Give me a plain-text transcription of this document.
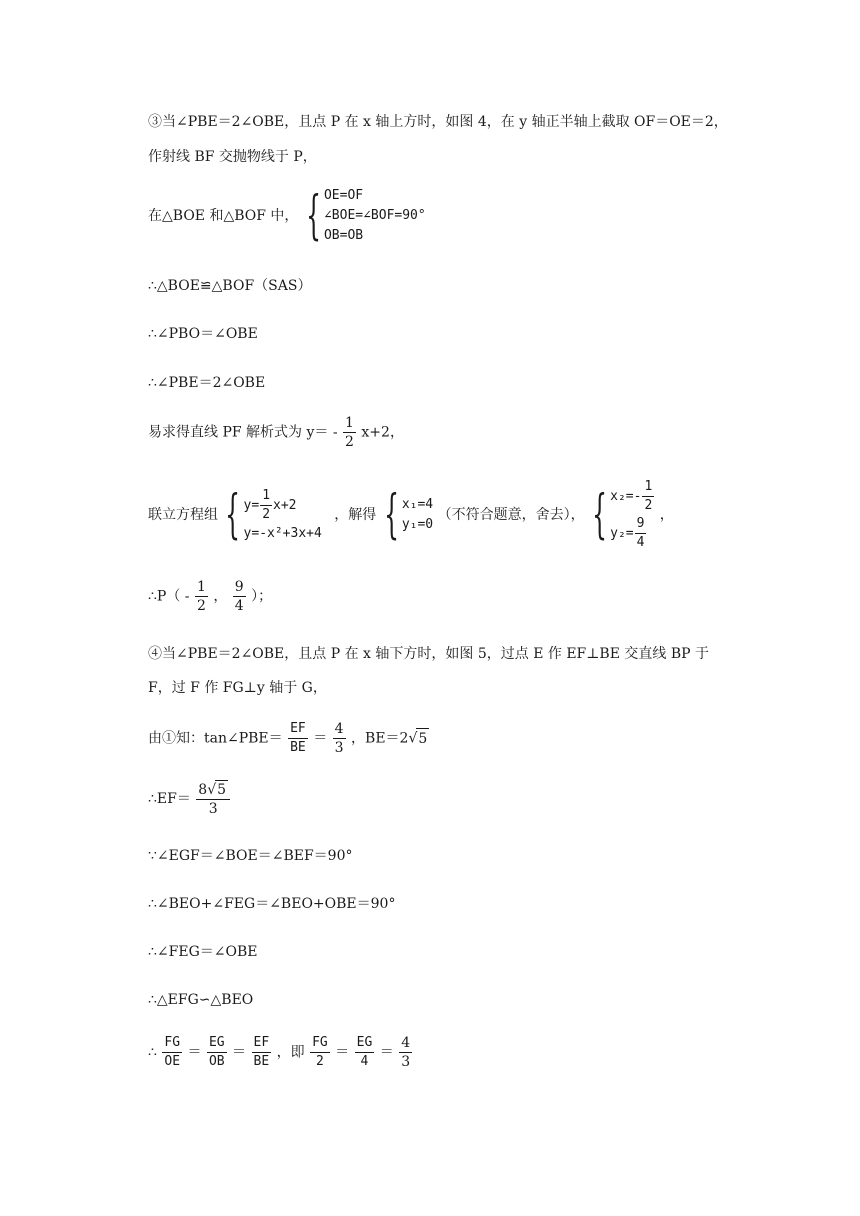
③当∠PBE＝2∠OBE，且点 P 在 x 轴上方时，如图 4，在 y 轴正半轴上截取 OF＝OE＝2，
作射线 BF 交抛物线于 P，
在△BOE 和△BOF 中， { OE=OF
∠BOE=∠BOF=90°
OB=OB
∴△BOE≌△BOF（SAS）
∴∠PBO＝∠OBE
∴∠PBE＝2∠OBE
易求得直线 PF 解析式为 $y= - \frac{1}{2} x+2$，
联立方程组 { $y= \frac{1}{2} x+2$
y=-x²+3x+4
，解得 { x₁=4
y₁=0
（不符合题意，舍去）， { $x_2=- \frac{1}{2}$
$y_2= \frac{9}{4}$ ，
∴P（ - $\frac{1}{2}$ ， $\frac{9}{4}$ ）；
④当∠PBE＝2∠OBE，且点 P 在 x 轴下方时，如图 5，过点 E 作 EF⊥BE 交直线 BP 于
F，过 F 作 FG⊥y 轴于 G，
由①知：tan∠PBE＝ $\frac{EF}{BE} = \frac{4}{3}$ ，BE＝2√5
∴EF＝ $\frac{8√5}{3}$
∵∠EGF＝∠BOE＝∠BEF＝90°
∴∠BEO+∠FEG＝∠BEO+OBE＝90°
∴∠FEG＝∠OBE
∴△EFG∽△BEO
∴ $\frac{FG}{OE} = \frac{EG}{OB} = \frac{EF}{BE}$ ，即 $\frac{FG}{2} = \frac{EG}{4} = \frac{4}{3}$
